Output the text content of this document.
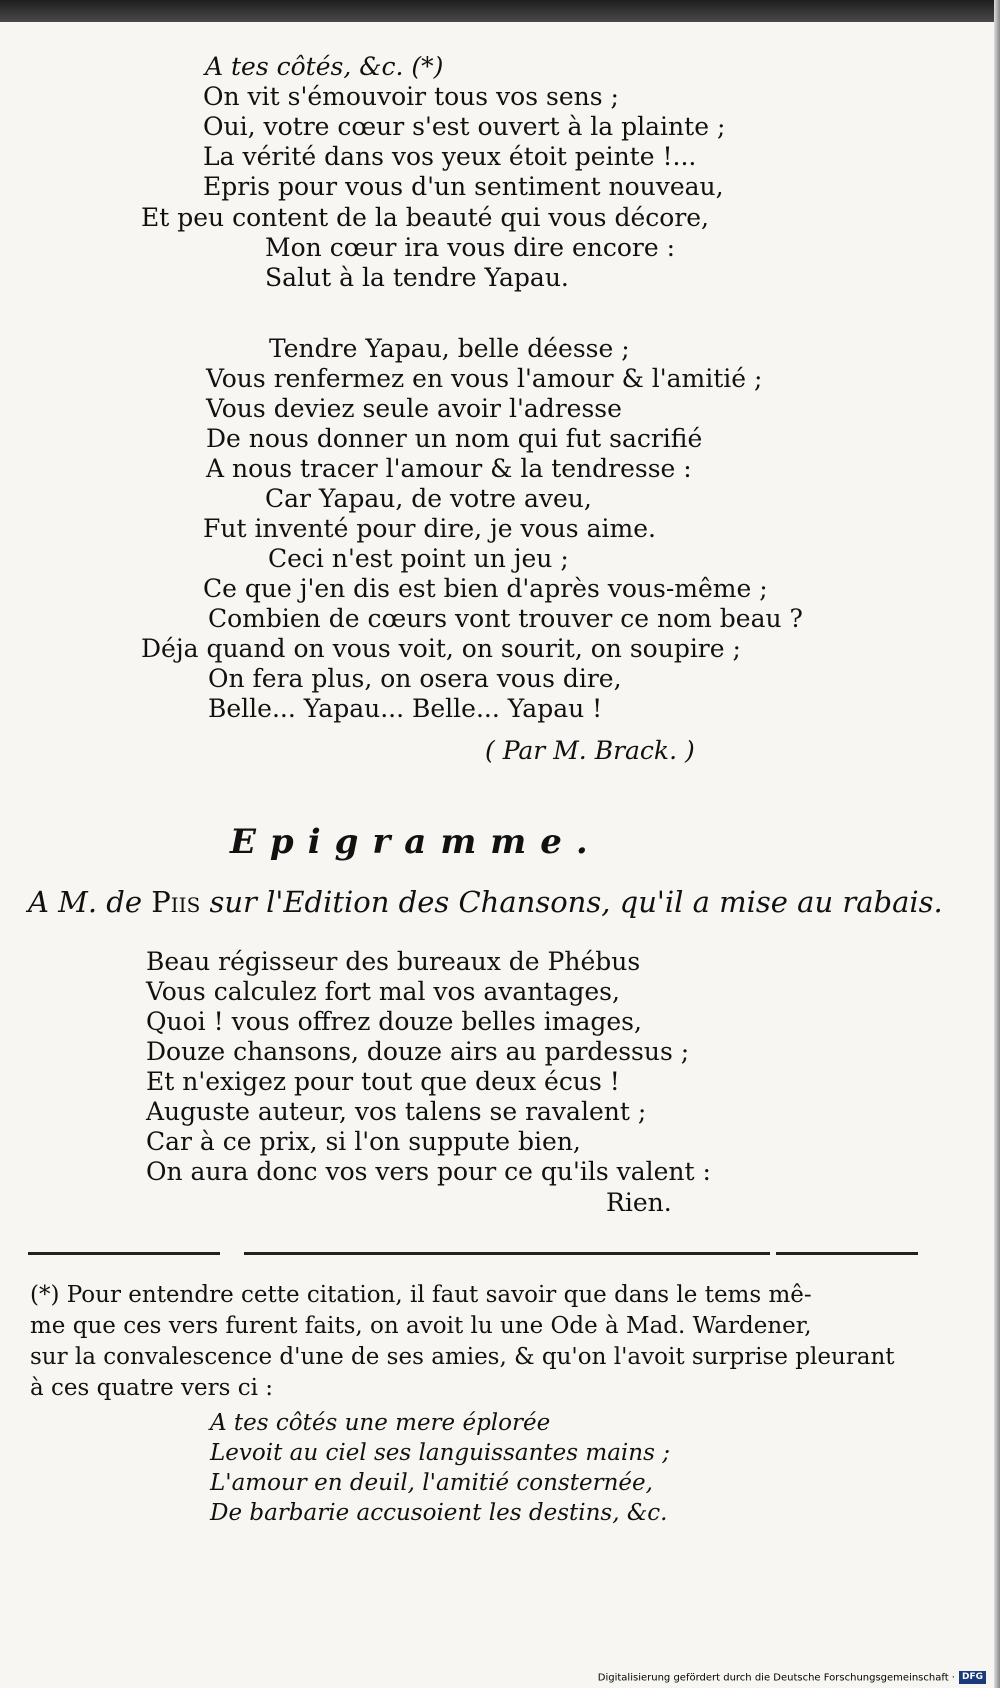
A tes côtés, &c. (*)
On vit s'émouvoir tous vos sens ;
Oui, votre cœur s'est ouvert à la plainte ;
La vérité dans vos yeux étoit peinte !...
Epris pour vous d'un sentiment nouveau,
Et peu content de la beauté qui vous décore,
Mon cœur ira vous dire encore :
Salut à la tendre Yapau.
Tendre Yapau, belle déesse ;
Vous renfermez en vous l'amour & l'amitié ;
Vous deviez seule avoir l'adresse
De nous donner un nom qui fut sacrifié
A nous tracer l'amour & la tendresse :
Car Yapau, de votre aveu,
Fut inventé pour dire, je vous aime.
Ceci n'est point un jeu ;
Ce que j'en dis est bien d'après vous-même ;
Combien de cœurs vont trouver ce nom beau ?
Déja quand on vous voit, on sourit, on soupire ;
On fera plus, on osera vous dire,
Belle... Yapau... Belle... Yapau !
( Par M. Brack. )
Epigramme.
A M. de Piis sur l'Edition des Chansons, qu'il a mise au rabais.
Beau régisseur des bureaux de Phébus
Vous calculez fort mal vos avantages,
Quoi ! vous offrez douze belles images,
Douze chansons, douze airs au pardessus ;
Et n'exigez pour tout que deux écus !
Auguste auteur, vos talens se ravalent ;
Car à ce prix, si l'on suppute bien,
On aura donc vos vers pour ce qu'ils valent :
Rien.
(*) Pour entendre cette citation, il faut savoir que dans le tems mê-
me que ces vers furent faits, on avoit lu une Ode à Mad. Wardener,
sur la convalescence d'une de ses amies, & qu'on l'avoit surprise pleurant
à ces quatre vers ci :
A tes côtés une mere éplorée
Levoit au ciel ses languissantes mains ;
L'amour en deuil, l'amitié consternée,
De barbarie accusoient les destins, &c.
Digitalisierung gefördert durch die Deutsche Forschungsgemeinschaft · DFG
